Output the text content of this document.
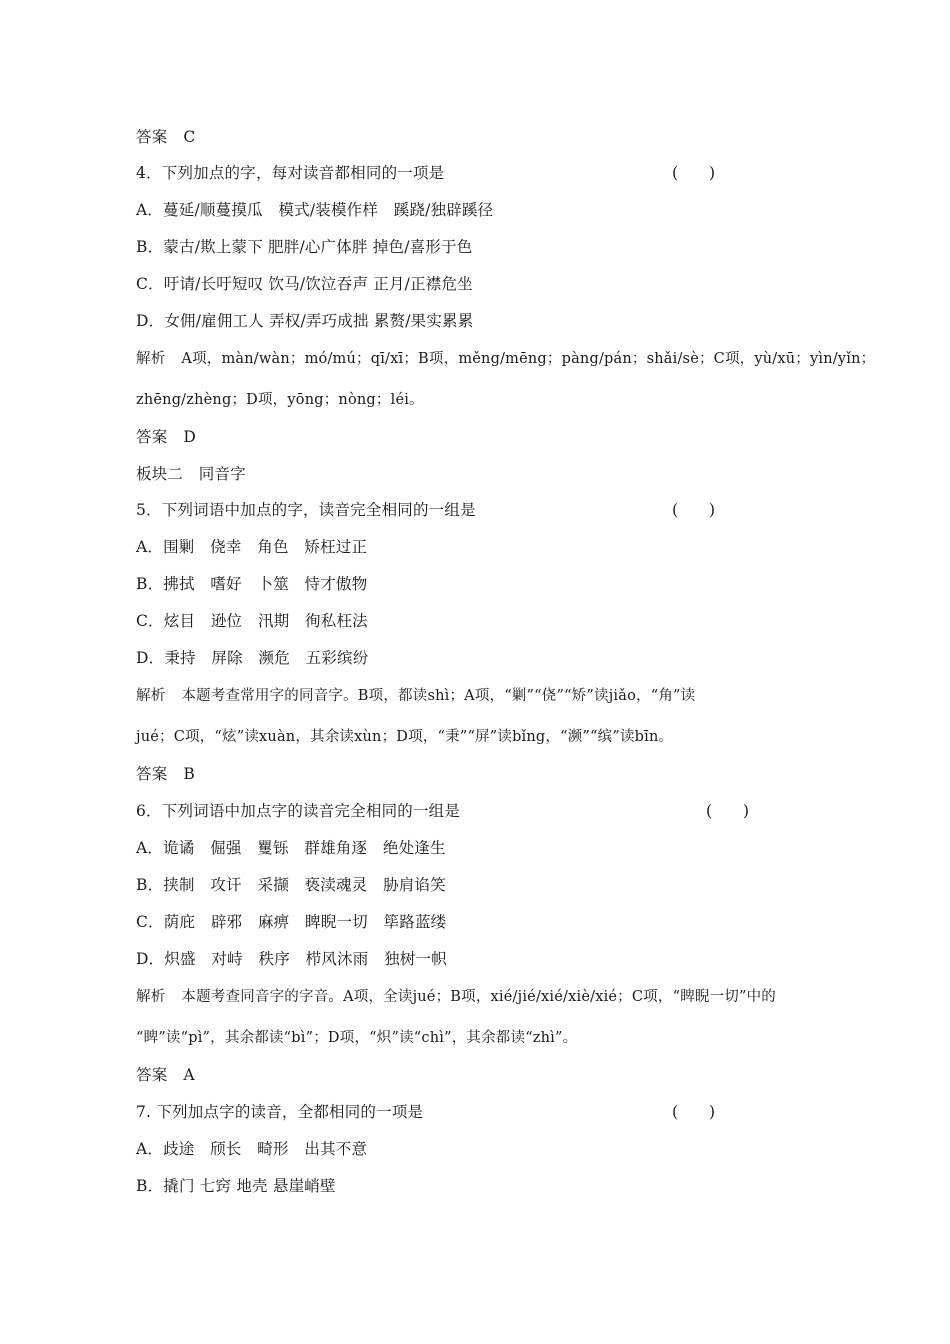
答案 C
4．下列加点的字，每对读音都相同的一项是	(　　)
A．蔓延/顺蔓摸瓜　模式/装模作样　蹊跷/独辟蹊径
B．蒙古/欺上蒙下 肥胖/心广体胖 掉色/喜形于色
C．吁请/长吁短叹 饮马/饮泣吞声 正月/正襟危坐
D．女佣/雇佣工人 弄权/弄巧成拙 累赘/果实累累
解析 A项，màn/wàn；mó/mú；qī/xī；B项，měng/mēng；pàng/pán；shǎi/sè；C项，yù/xū；yìn/yǐn；
zhēng/zhèng；D项，yōng；nòng；léi。
答案 D
板块二　同音字
5．下列词语中加点的字，读音完全相同的一组是	(　　)
A．围剿　侥幸　角色　矫枉过正
B．拂拭　嗜好　卜筮　恃才傲物
C．炫目　逊位　汛期　徇私枉法
D．秉持　屏除　濒危　五彩缤纷
解析 本题考查常用字的同音字。B项，都读shì；A项，“剿”“侥”“矫”读jiǎo，“角”读
jué；C项，“炫”读xuàn，其余读xùn；D项，“秉”“屏”读bǐng，“濒”“缤”读bīn。
答案 B
6．下列词语中加点字的读音完全相同的一组是	(　　)
A．诡谲　倔强　矍铄　群雄角逐　绝处逢生
B．挟制　攻讦　采撷　亵渎魂灵　胁肩谄笑
C．荫庇　辟邪　麻痹　睥睨一切　筚路蓝缕
D．炽盛　对峙　秩序　栉风沐雨　独树一帜
解析 本题考查同音字的字音。A项，全读jué；B项，xié/jié/xié/xiè/xié；C项，“睥睨一切”中的
“睥”读“pì”，其余都读“bì”；D项，“炽”读“chì”，其余都读“zhì”。
答案 A
7. 下列加点字的读音，全都相同的一项是	(　　)
A．歧途　颀长　畸形　出其不意
B．撬门 七窍 地壳 悬崖峭壁
